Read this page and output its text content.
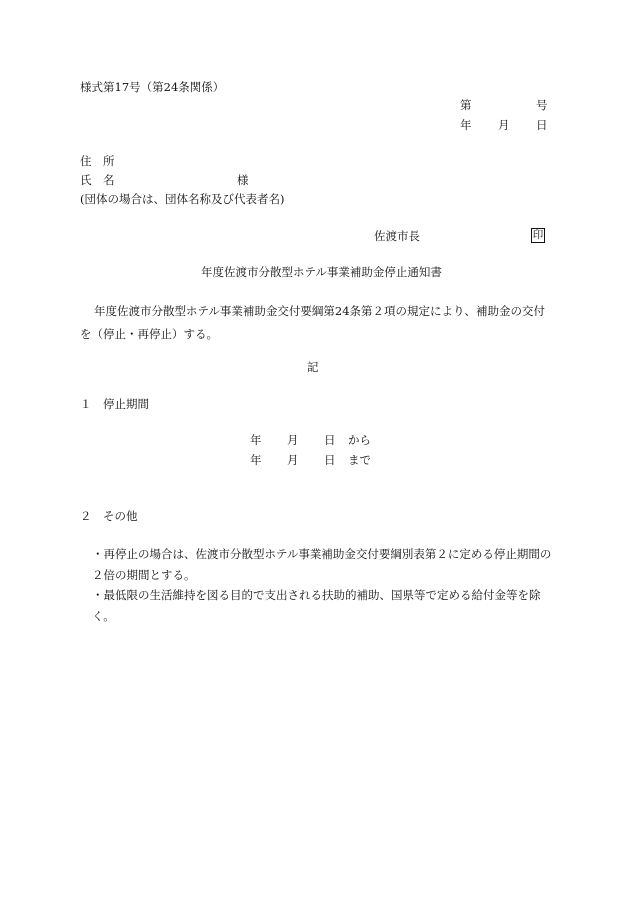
様式第17号（第24条関係）
第	号
年 月 日
住　所
氏　名	様
(団体の場合は、団体名称及び代表者名)
佐渡市長	印
年度佐渡市分散型ホテル事業補助金停止通知書
年度佐渡市分散型ホテル事業補助金交付要綱第24条第２項の規定により、補助金の交付を（停止・再停止）する。
記
１　停止期間
年 月 日 から
年 月 日 まで
２　その他
・再停止の場合は、佐渡市分散型ホテル事業補助金交付要綱別表第２に定める停止期間の２倍の期間とする。
・最低限の生活維持を図る目的で支出される扶助的補助、国県等で定める給付金等を除く。
